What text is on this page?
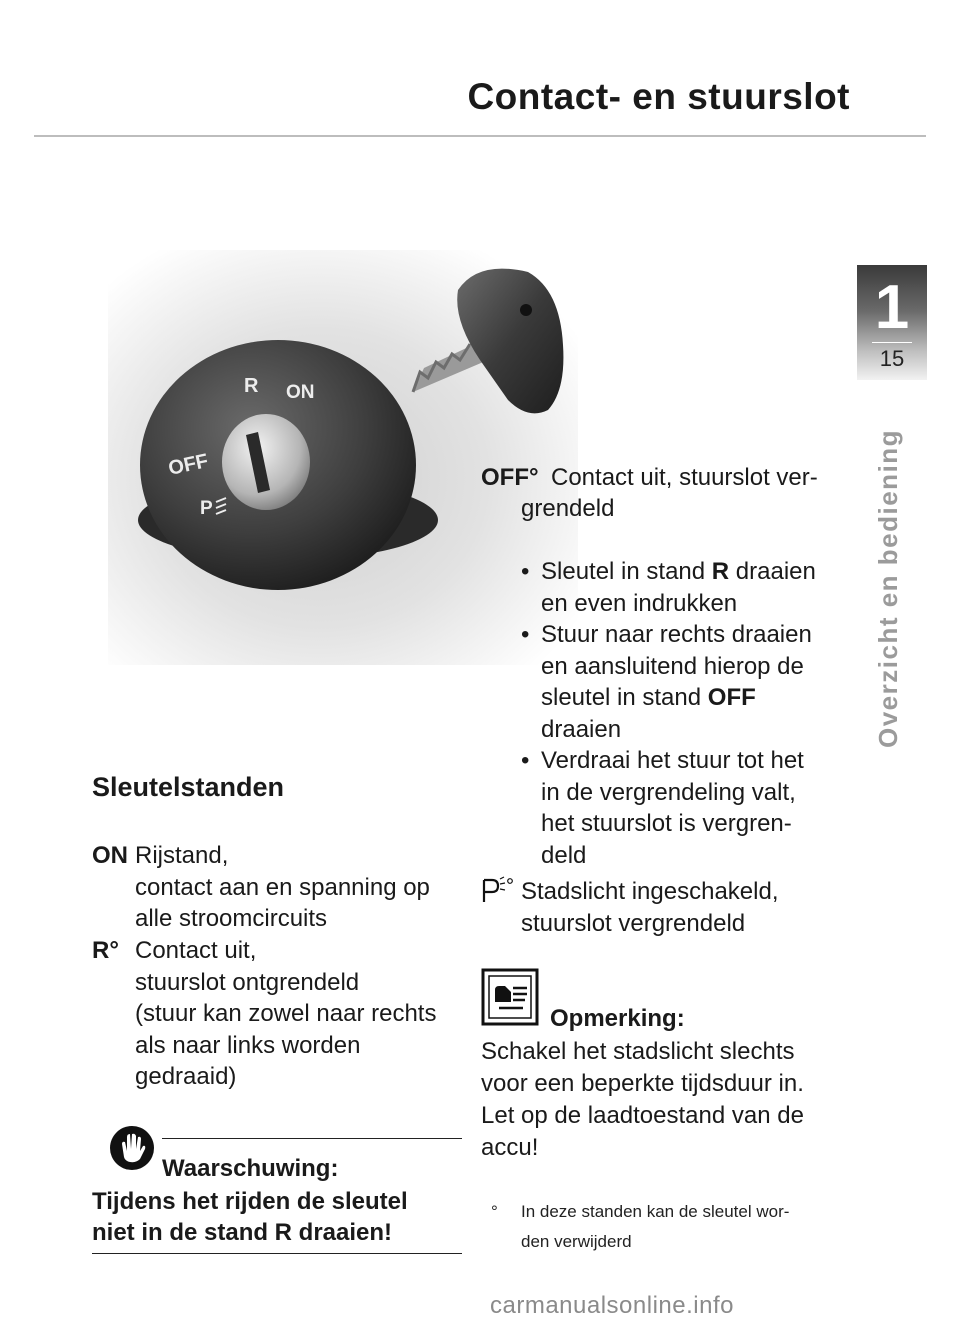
Contact- en stuurslot
1
15
Overzicht en bediening
R ON
OFF
P
Sleutelstanden
ON Rijstand,
contact aan en spanning op
alle stroomcircuits
R° Contact uit,
stuurslot ontgrendeld
(stuur kan zowel naar rechts
als naar links worden
gedraaid)
Waarschuwing:
Tijdens het rijden de sleutel
niet in de stand R draaien!
OFF° Contact uit, stuurslot ver-
grendeld
• Sleutel in stand R draaien
en even indrukken
• Stuur naar rechts draaien
en aansluitend hierop de
sleutel in stand OFF
draaien
• Verdraai het stuur tot het
in de vergrendeling valt,
het stuurslot is vergren-
deld
Stadslicht ingeschakeld,
stuurslot vergrendeld
Opmerking:
Schakel het stadslicht slechts
voor een beperkte tijdsduur in.
Let op de laadtoestand van de
accu!
° In deze standen kan de sleutel wor-
den verwijderd
carmanualsonline.info
